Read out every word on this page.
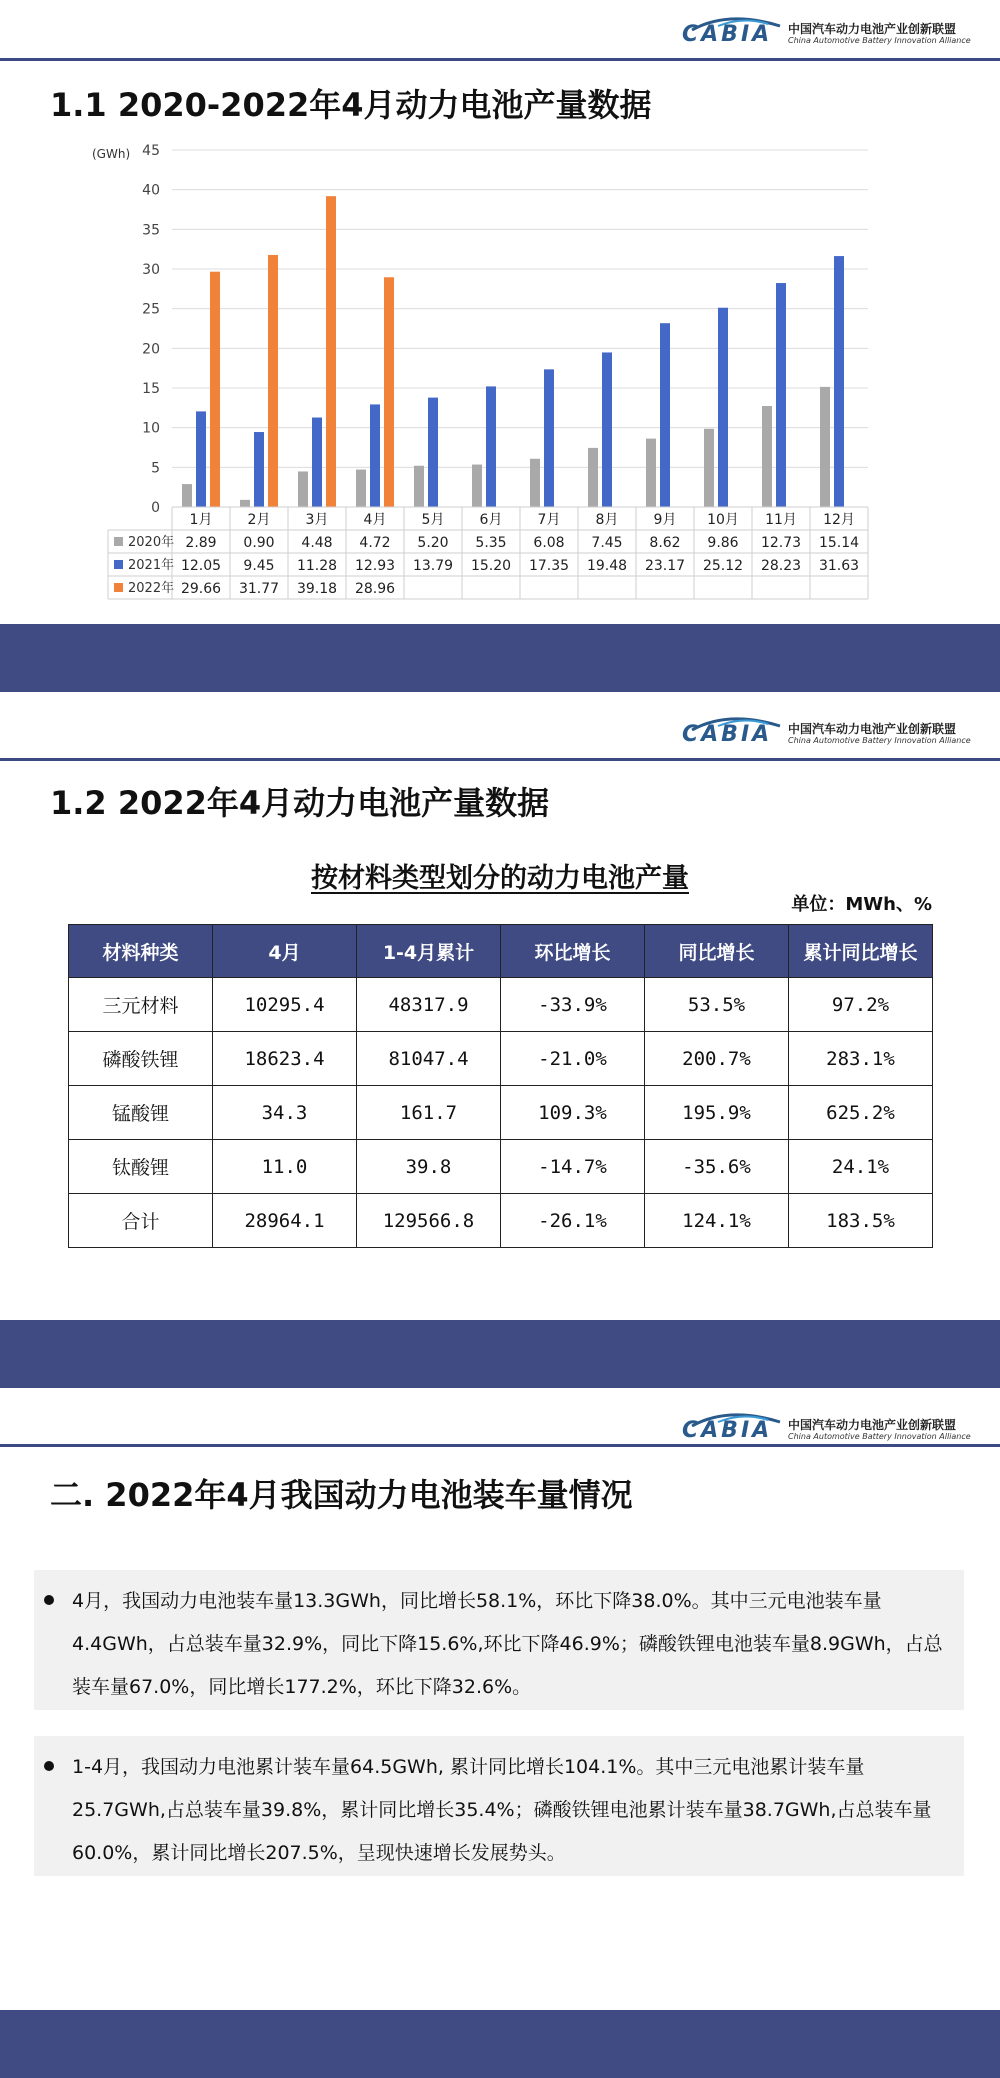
CABIA 中国汽车动力电池产业创新联盟
China Automotive Battery Innovation Alliance
1.1 2020-2022年4月动力电池产量数据
0
5
10
15
20
25
30
35
40
45
(GWh)
1月	2月	3月	4月	5月	6月	7月	8月	9月 10月 11月 12月
2020年 2.89 0.90 4.48 4.72 5.20 5.35 6.08 7.45 8.62 9.86 12.73 15.14
2021年 12.05 9.45 11.28 12.93 13.79 15.20 17.35 19.48 23.17 25.12 28.23 31.63
2022年 29.66 31.77 39.18 28.96
CABIA 中国汽车动力电池产业创新联盟
China Automotive Battery Innovation Alliance
1.2 2022年4月动力电池产量数据
按材料类型划分的动力电池产量
单位：MWh、%
材料种类	4月	1-4月累计	环比增长	同比增长	累计同比增长
三元材料	10295.4	48317.9	-33.9%	53.5%	97.2%
磷酸铁锂	18623.4	81047.4	-21.0%	200.7%	283.1%
锰酸锂	34.3	161.7	109.3%	195.9%	625.2%
钛酸锂	11.0	39.8	-14.7%	-35.6%	24.1%
合计	28964.1	129566.8	-26.1%	124.1%	183.5%
CABIA 中国汽车动力电池产业创新联盟
China Automotive Battery Innovation Alliance
二. 2022年4月我国动力电池装车量情况
4月，我国动力电池装车量13.3GWh，同比增长58.1%，环比下降38.0%。其中三元电池装车量4.4GWh，占总装车量32.9%，同比下降15.6%,环比下降46.9%；磷酸铁锂电池装车量8.9GWh，占总装车量67.0%，同比增长177.2%，环比下降32.6%。
1-4月，我国动力电池累计装车量64.5GWh, 累计同比增长104.1%。其中三元电池累计装车量25.7GWh,占总装车量39.8%，累计同比增长35.4%；磷酸铁锂电池累计装车量38.7GWh,占总装车量60.0%，累计同比增长207.5%，呈现快速增长发展势头。
